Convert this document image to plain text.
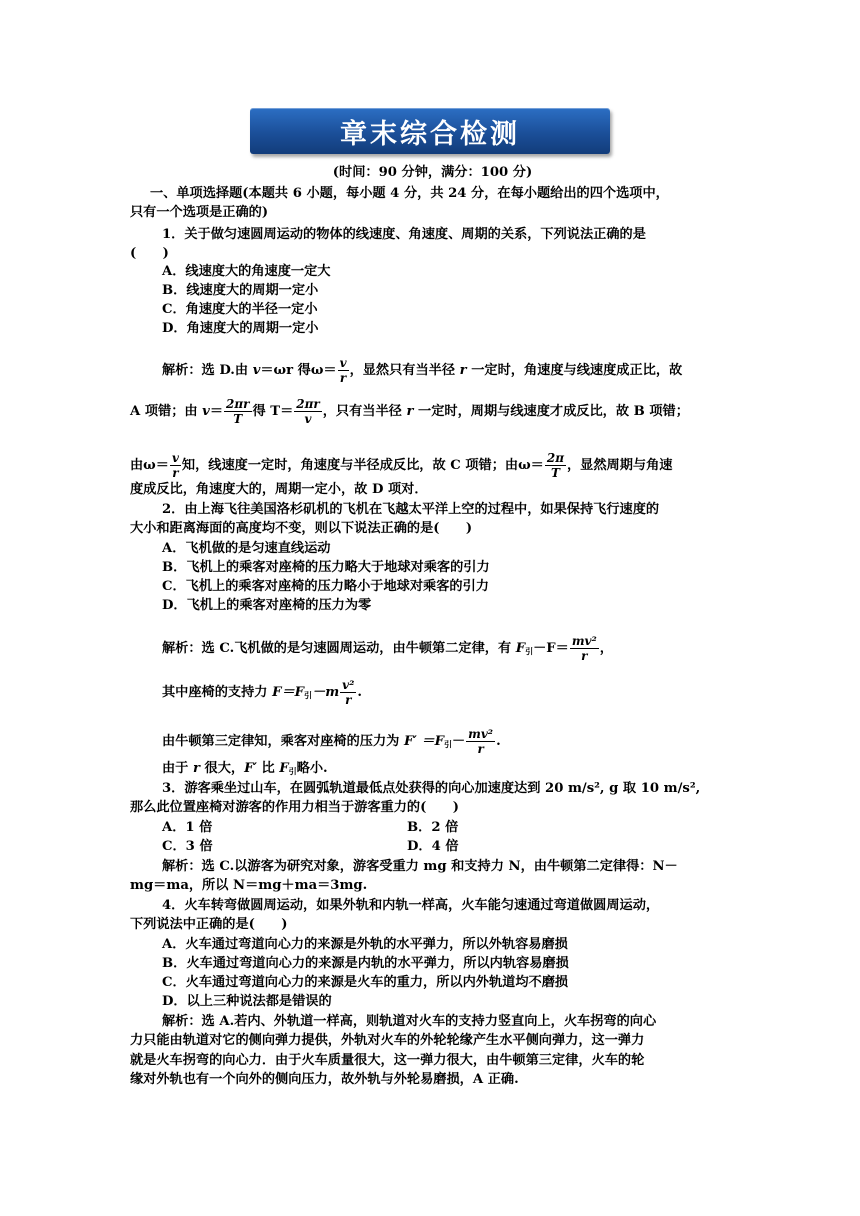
章末综合检测
(时间：90 分钟，满分：100 分)
一、单项选择题(本题共 6 小题，每小题 4 分，共 24 分，在每小题给出的四个选项中，
只有一个选项是正确的)
1．关于做匀速圆周运动的物体的线速度、角速度、周期的关系，下列说法正确的是
(　　)
A．线速度大的角速度一定大
B．线速度大的周期一定小
C．角速度大的半径一定小
D．角速度大的周期一定小
解析：选 D.由 v＝ωr 得$\omega= \frac{v}{r}$ ，显然只有当半径 r 一定时，角速度与线速度成正比，故
A 项错；由 $v= \frac{2\pi r}{T}$ 得 $T= \frac{2\pi r}{v}$ ，只有当半径 r 一定时，周期与线速度才成反比，故 B 项错；
由$\omega= \frac{v}{r}$ 知，线速度一定时，角速度与半径成反比，故 C 项错；由$\omega= \frac{2\pi}{T}$ ，显然周期与角速
度成反比，角速度大的，周期一定小，故 D 项对．
2．由上海飞往美国洛杉矶机的飞机在飞越太平洋上空的过程中，如果保持飞行速度的
大小和距离海面的高度均不变，则以下说法正确的是(　　)
A．飞机做的是匀速直线运动
B．飞机上的乘客对座椅的压力略大于地球对乘客的引力
C．飞机上的乘客对座椅的压力略小于地球对乘客的引力
D．飞机上的乘客对座椅的压力为零
解析：选 C.飞机做的是匀速圆周运动，由牛顿第二定律，有 $F_引-F= \frac{\text{mv²}}{r}$ ，
其中座椅的支持力 $F=F_引-m \frac{\text{v²}}{r}$ .
由牛顿第三定律知，乘客对座椅的压力为 $F' =F_引- \frac{\text{mv²}}{r}$ .
由于 r 很大，F′ 比 $F_引$略小.
3．游客乘坐过山车，在圆弧轨道最低点处获得的向心加速度达到 20 m/s², g 取 10 m/s²,
那么此位置座椅对游客的作用力相当于游客重力的(　　)
A．1 倍	B．2 倍
C．3 倍	D．4 倍
解析：选 C.以游客为研究对象，游客受重力 mg 和支持力 N，由牛顿第二定律得：N－
mg＝ma，所以 N＝mg＋ma＝3mg.
4．火车转弯做圆周运动，如果外轨和内轨一样高，火车能匀速通过弯道做圆周运动，
下列说法中正确的是(　　)
A．火车通过弯道向心力的来源是外轨的水平弹力，所以外轨容易磨损
B．火车通过弯道向心力的来源是内轨的水平弹力，所以内轨容易磨损
C．火车通过弯道向心力的来源是火车的重力，所以内外轨道均不磨损
D．以上三种说法都是错误的
解析：选 A.若内、外轨道一样高，则轨道对火车的支持力竖直向上，火车拐弯的向心
力只能由轨道对它的侧向弹力提供，外轨对火车的外轮轮缘产生水平侧向弹力，这一弹力
就是火车拐弯的向心力．由于火车质量很大，这一弹力很大，由牛顿第三定律，火车的轮
缘对外轨也有一个向外的侧向压力，故外轨与外轮易磨损，A 正确.
